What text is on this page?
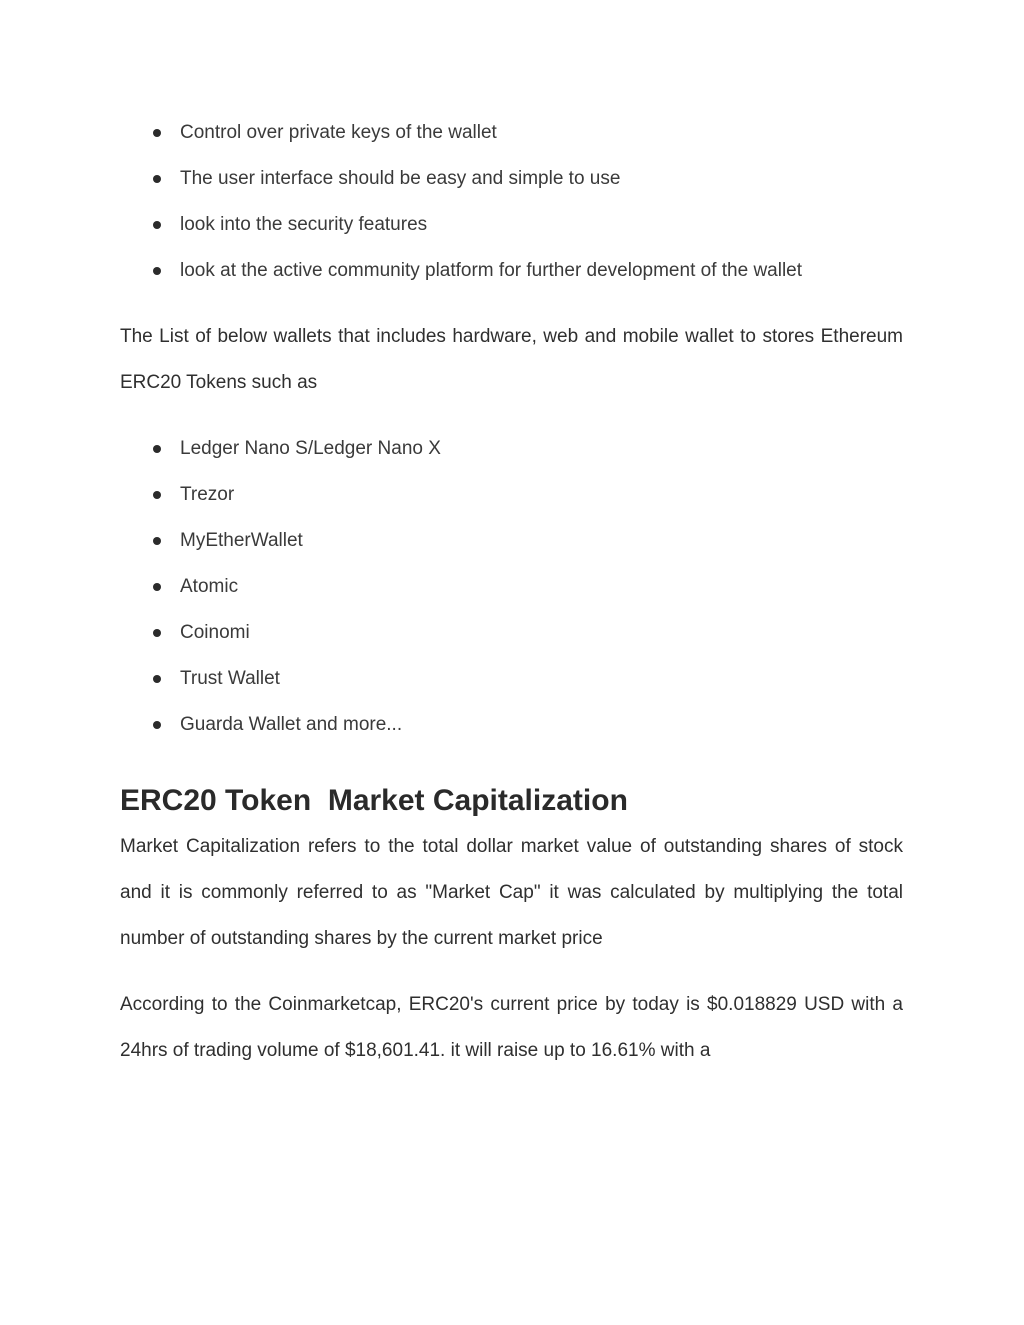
Control over private keys of the wallet
The user interface should be easy and simple to use
look into the security features
look at the active community platform for further development of the wallet

The List of below wallets that includes hardware, web and mobile wallet to stores Ethereum ERC20 Tokens such as

Ledger Nano S/Ledger Nano X
Trezor
MyEtherWallet
Atomic
Coinomi
Trust Wallet
Guarda Wallet and more...
ERC20 Token  Market Capitalization

Market Capitalization refers to the total dollar market value of outstanding shares of stock and it is commonly referred to as "Market Cap" it was calculated by multiplying the total number of outstanding shares by the current market price

According to the Coinmarketcap, ERC20's current price by today is $0.018829 USD with a 24hrs of trading volume of $18,601.41. it will raise up to 16.61% with a
